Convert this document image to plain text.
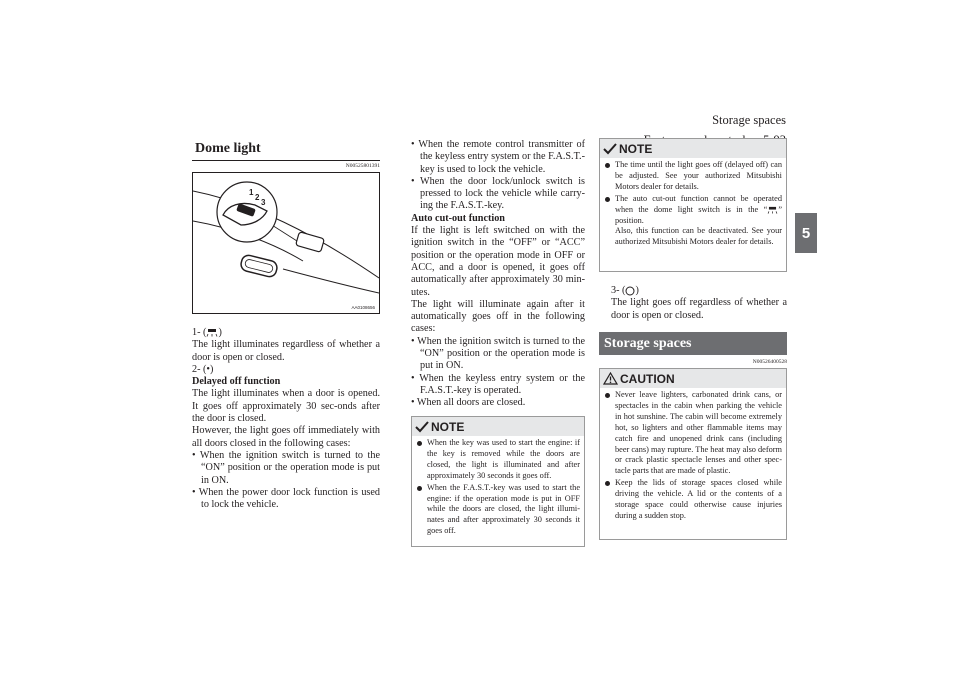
Storage spaces

5
Dome light
N00525801391
1
2
3
AA0108656

1- ( )

The light illuminates regardless of whether a door is open or closed.

2- (•)

Delayed off function

The light illuminates when a door is opened. It goes off approximately 30 sec-onds after the door is closed.

However, the light goes off immediately with all doors closed in the following cases:

• When the ignition switch is turned to the “ON” position or the operation mode is put in ON.

• When the power door lock function is used to lock the vehicle.

• When the remote control transmitter of the keyless entry system or the F.A.S.T.-key is used to lock the vehicle.

• When the door lock/unlock switch is pressed to lock the vehicle while carry-ing the F.A.S.T.-key.

Auto cut-out function

If the light is left switched on with the ignition switch in the “OFF” or “ACC” position or the operation mode in OFF or ACC, and a door is opened, it goes off automatically after approximately 30 min-utes.

The light will illuminate again after it automatically goes off in the following cases:

• When the ignition switch is turned to the “ON” position or the operation mode is put in ON.

• When the keyless entry system or the F.A.S.T.-key is operated.

• When all doors are closed.

NOTE
When the key was used to start the engine: if the key is removed while the doors are closed, the light is illuminated and after approximately 30 seconds it goes off.
When the F.A.S.T.-key was used to start the engine: if the operation mode is put in OFF while the doors are closed, the light illumi-nates and after approximately 30 seconds it goes off.
NOTE
The time until the light goes off (delayed off) can be adjusted. See your authorized Mitsubishi Motors dealer for details.
The auto cut-out function cannot be operated when the dome light switch is in the “ ” position.
Also, this function can be deactivated. See your authorized Mitsubishi Motors dealer for details.

3- ( )

The light goes off regardless of whether a door is open or closed.

Storage spaces
N00526400528
CAUTION
Never leave lighters, carbonated drink cans, or spectacles in the cabin when parking the vehicle in hot sunshine. The cabin will become extremely hot, so lighters and other flammable items may catch fire and unopened drink cans (including beer cans) may rupture. The heat may also deform or crack plastic spectacle lenses and other spec-tacle parts that are made of plastic.
Keep the lids of storage spaces closed while driving the vehicle. A lid or the contents of a storage space could otherwise cause injuries during a sudden stop.
